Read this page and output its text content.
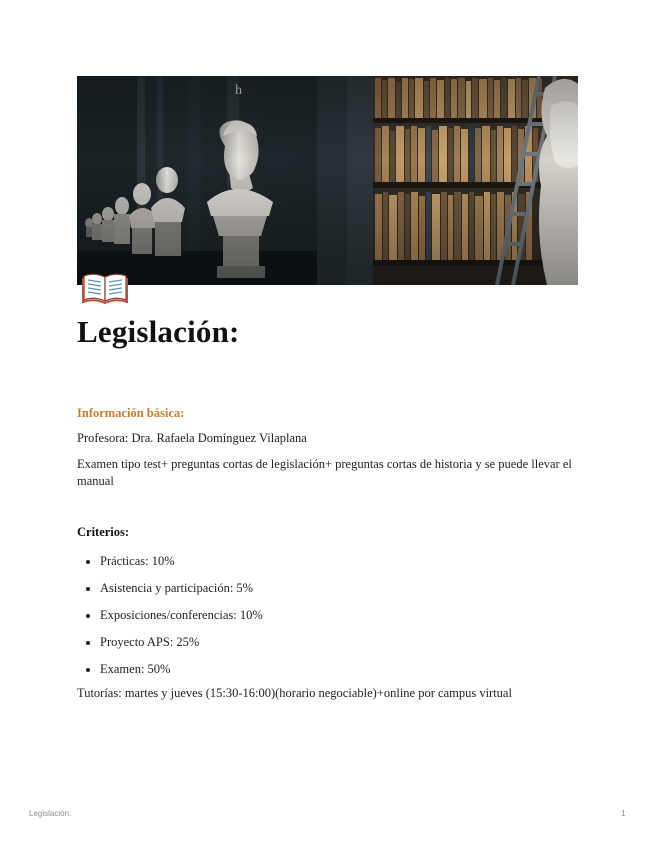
Legislación:

Información básica:

Profesora: Dra. Rafaela Domínguez Vilaplana

Examen tipo test+ preguntas cortas de legislación+ preguntas cortas de historia y se puede llevar el manual

Criterios:

• Prácticas: 10%
• Asistencia y participación: 5%
• Exposiciones/conferencias: 10%
• Proyecto APS: 25%
• Examen: 50%

Tutorías: martes y jueves (15:30-16:00)(horario negociable)+online por campus virtual

Legislación:	1
